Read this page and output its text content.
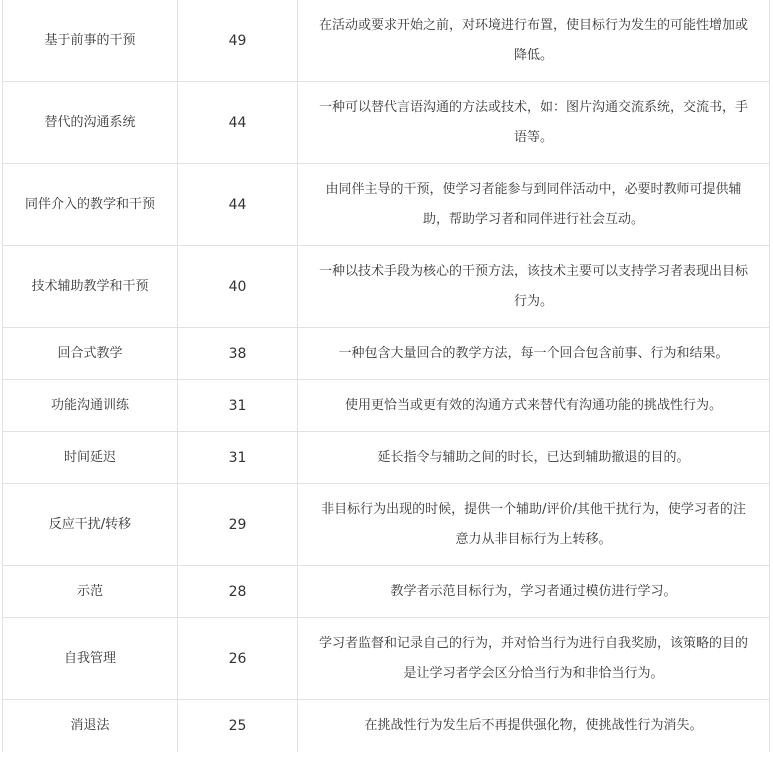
基于前事的干预	49	在活动或要求开始之前，对环境进行布置，使目标行为发生的可能性增加或降低。
替代的沟通系统	44	一种可以替代言语沟通的方法或技术，如：图片沟通交流系统，交流书，手语等。
同伴介入的教学和干预	44	由同伴主导的干预，使学习者能参与到同伴活动中，必要时教师可提供辅助，帮助学习者和同伴进行社会互动。
技术辅助教学和干预	40	一种以技术手段为核心的干预方法，该技术主要可以支持学习者表现出目标行为。
回合式教学	38	一种包含大量回合的教学方法，每一个回合包含前事、行为和结果。
功能沟通训练	31	使用更恰当或更有效的沟通方式来替代有沟通功能的挑战性行为。
时间延迟	31	延长指令与辅助之间的时长，已达到辅助撤退的目的。
反应干扰/转移	29	非目标行为出现的时候，提供一个辅助/评价/其他干扰行为，使学习者的注意力从非目标行为上转移。
示范	28	教学者示范目标行为，学习者通过模仿进行学习。
自我管理	26	学习者监督和记录自己的行为，并对恰当行为进行自我奖励，该策略的目的是让学习者学会区分恰当行为和非恰当行为。
消退法	25	在挑战性行为发生后不再提供强化物，使挑战性行为消失。
